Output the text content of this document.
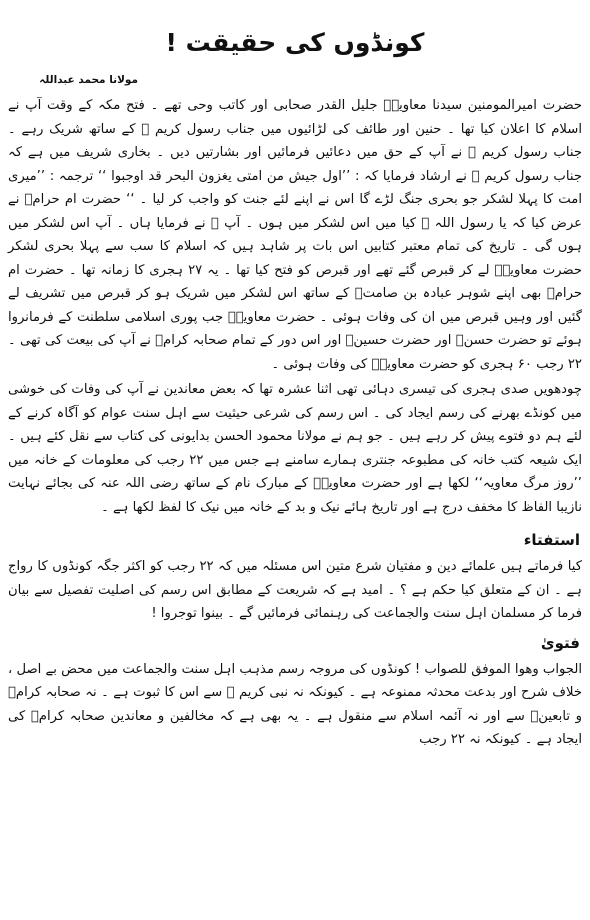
کونڈوں کی حقیقت !
مولانا محمد عبداللہ

حضرت امیرالمومنین سیدنا معاویہؓ جلیل القدر صحابی اور کاتب وحی تھے ۔ فتح مکہ کے وقت آپ نے اسلام کا اعلان کیا تھا ۔ حنین اور طائف کی لڑائیوں میں جناب رسول کریم ﷺ کے ساتھ شریک رہے ۔ جناب رسول کریم ﷺ نے آپ کے حق میں دعائیں فرمائیں اور بشارتیں دیں ۔ بخاری شریف میں ہے کہ جناب رسول کریم ﷺ نے ارشاد فرمایا کہ : ’’اول جیش من امتی یغزون البحر قد اوجبوا ‘‘ ترجمہ : ’’میری امت کا پہلا لشکر جو بحری جنگ لڑے گا اس نے اپنے لئے جنت کو واجب کر لیا ۔ ‘‘ حضرت ام حرامؓ نے عرض کیا کہ یا رسول اللہ ﷺ کیا میں اس لشکر میں ہوں ۔ آپ ﷺ نے فرمایا ہاں ۔ آپ اس لشکر میں ہوں گی ۔ تاریخ کی تمام معتبر کتابیں اس بات پر شاہد ہیں کہ اسلام کا سب سے پہلا بحری لشکر حضرت معاویہؓ لے کر قبرص گئے تھے اور قبرص کو فتح کیا تھا ۔ یہ ۲۷ ہجری کا زمانہ تھا ۔ حضرت ام حرامؓ بھی اپنے شوہر عبادہ بن صامتؓ کے ساتھ اس لشکر میں شریک ہو کر قبرص میں تشریف لے گئیں اور وہیں قبرص میں ان کی وفات ہوئی ۔ حضرت معاویہؓ جب پوری اسلامی سلطنت کے فرمانروا ہوئے تو حضرت حسنؓ اور حضرت حسینؓ اور اس دور کے تمام صحابہ کرامؓ نے آپ کی بیعت کی تھی ۔ ۲۲ رجب ۶۰ ہجری کو حضرت معاویہؓ کی وفات ہوئی ۔

چودھویں صدی ہجری کی تیسری دہائی تھی اثنا عشرہ تھا کہ بعض معاندین نے آپ کی وفات کی خوشی میں کونڈے بھرنے کی رسم ایجاد کی ۔ اس رسم کی شرعی حیثیت سے اہل سنت عوام کو آگاہ کرنے کے لئے ہم دو فتوے پیش کر رہے ہیں ۔ جو ہم نے مولانا محمود الحسن بدایونی کی کتاب سے نقل کئے ہیں ۔ ایک شیعہ کتب خانہ کی مطبوعہ جنتری ہمارے سامنے ہے جس میں ۲۲ رجب کی معلومات کے خانہ میں ’’روز مرگ معاویہ‘‘ لکھا ہے اور حضرت معاویہؓ کے مبارک نام کے ساتھ رضی اللہ عنہ کی بجائے نہایت نازیبا الفاظ کا مخفف درج ہے اور تاریخ ہائے نیک و بد کے خانہ میں نیک کا لفظ لکھا ہے ۔

استفتاء

کیا فرماتے ہیں علمائے دین و مفتیان شرع متین اس مسئلہ میں کہ ۲۲ رجب کو اکثر جگہ کونڈوں کا رواج ہے ۔ ان کے متعلق کیا حکم ہے ؟ ۔ امید ہے کہ شریعت کے مطابق اس رسم کی اصلیت تفصیل سے بیان فرما کر مسلمان اہل سنت والجماعت کی رہنمائی فرمائیں گے ۔ بینوا توجروا !

فتویٰ

الجواب وھوا الموفق للصواب ! کونڈوں کی مروجہ رسم مذہب اہل سنت والجماعت میں محض بے اصل ، خلاف شرح اور بدعت محدثہ ممنوعہ ہے ۔ کیونکہ نہ نبی کریم ﷺ سے اس کا ثبوت ہے ۔ نہ صحابہ کرامؓ و تابعینؒ سے اور نہ آئمہ اسلام سے منقول ہے ۔ یہ بھی ہے کہ مخالفین و معاندین صحابہ کرامؓ کی ایجاد ہے ۔ کیونکہ نہ ۲۲ رجب
